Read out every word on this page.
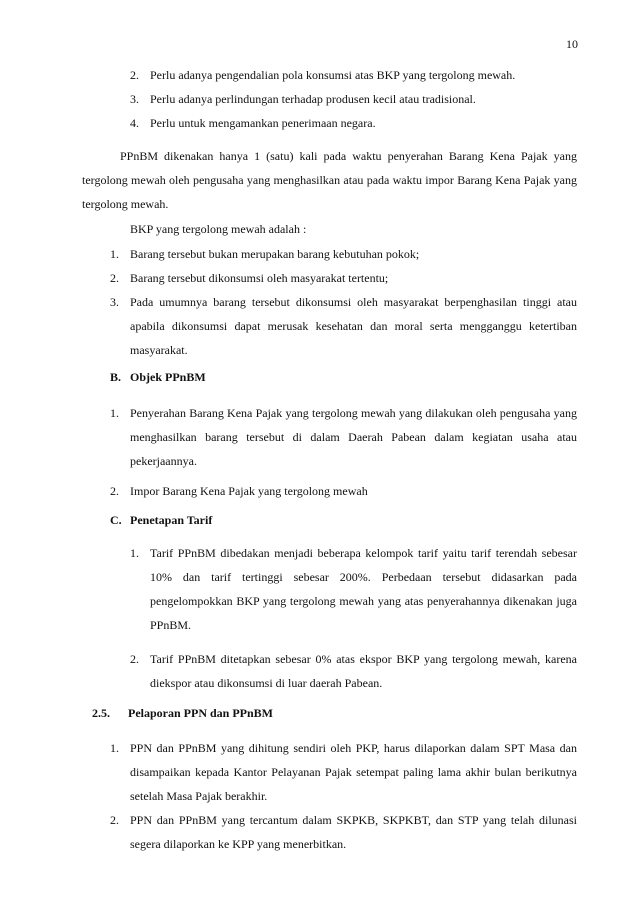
10
2. Perlu adanya pengendalian pola konsumsi atas BKP yang tergolong mewah.
3. Perlu adanya perlindungan terhadap produsen kecil atau tradisional.
4. Perlu untuk mengamankan penerimaan negara.
PPnBM dikenakan hanya 1 (satu) kali pada waktu penyerahan Barang Kena Pajak yang tergolong mewah oleh pengusaha yang menghasilkan atau pada waktu impor Barang Kena Pajak yang tergolong mewah.
BKP yang tergolong mewah adalah :
1. Barang tersebut bukan merupakan barang kebutuhan pokok;
2. Barang tersebut dikonsumsi oleh masyarakat tertentu;
3. Pada umumnya barang tersebut dikonsumsi oleh masyarakat berpenghasilan tinggi atau apabila dikonsumsi dapat merusak kesehatan dan moral serta mengganggu ketertiban masyarakat.
B. Objek PPnBM
1. Penyerahan Barang Kena Pajak yang tergolong mewah yang dilakukan oleh pengusaha yang menghasilkan barang tersebut di dalam Daerah Pabean dalam kegiatan usaha atau pekerjaannya.
2. Impor Barang Kena Pajak yang tergolong mewah
C. Penetapan Tarif
1. Tarif PPnBM dibedakan menjadi beberapa kelompok tarif yaitu tarif terendah sebesar 10% dan tarif tertinggi sebesar 200%. Perbedaan tersebut didasarkan pada pengelompokkan BKP yang tergolong mewah yang atas penyerahannya dikenakan juga PPnBM.
2. Tarif PPnBM ditetapkan sebesar 0% atas ekspor BKP yang tergolong mewah, karena diekspor atau dikonsumsi di luar daerah Pabean.
2.5. Pelaporan PPN dan PPnBM
1. PPN dan PPnBM yang dihitung sendiri oleh PKP, harus dilaporkan dalam SPT Masa dan disampaikan kepada Kantor Pelayanan Pajak setempat paling lama akhir bulan berikutnya setelah Masa Pajak berakhir.
2. PPN dan PPnBM yang tercantum dalam SKPKB, SKPKBT, dan STP yang telah dilunasi segera dilaporkan ke KPP yang menerbitkan.
